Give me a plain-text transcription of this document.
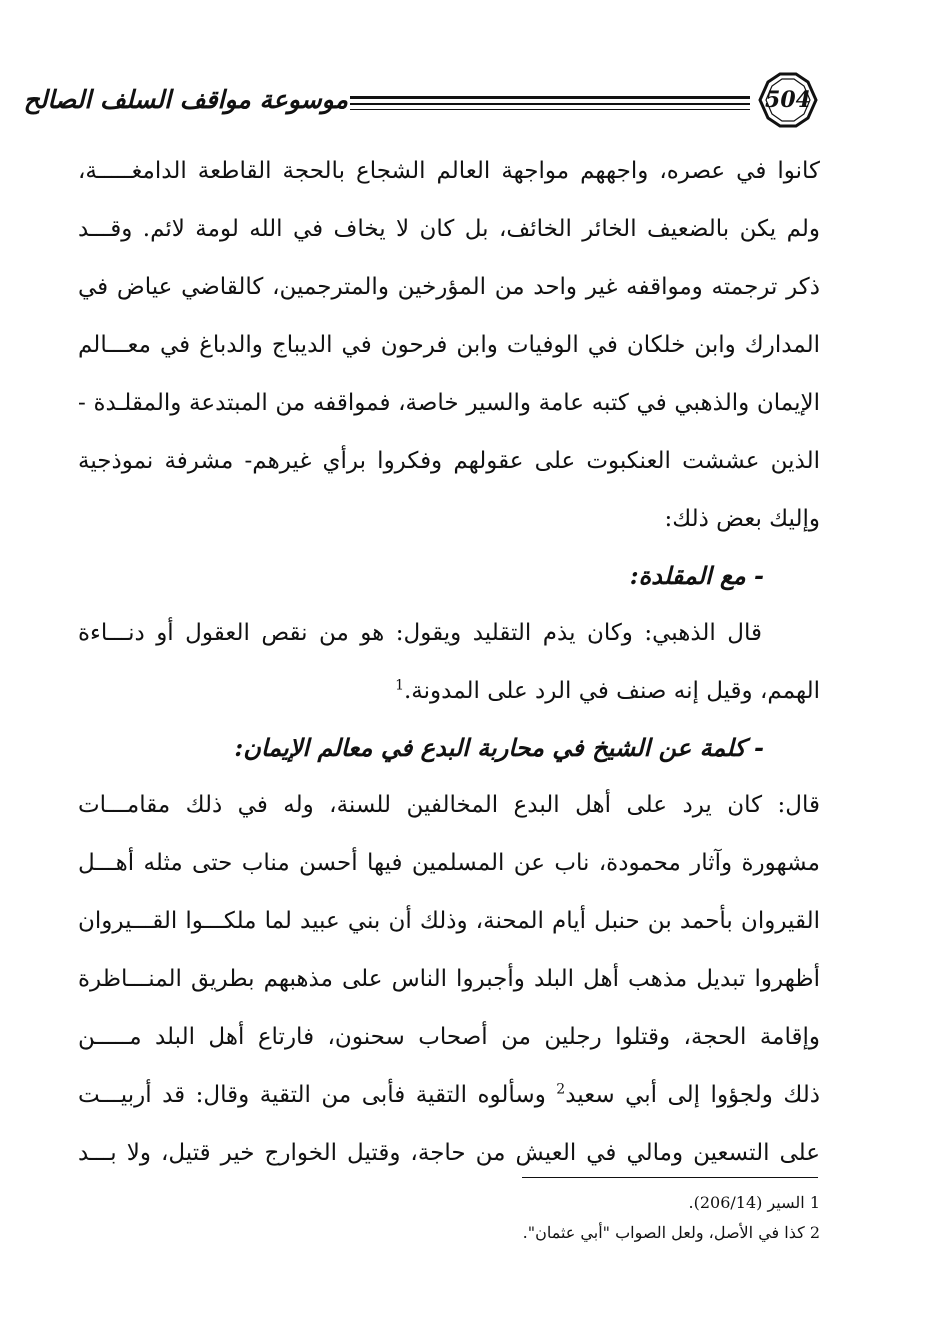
موسوعة مواقف السلف الصالح	504
كانوا في عصره، واجههم مواجهة العالم الشجاع بالحجة القاطعة الدامغـــــة،
ولم يكن بالضعيف الخائر الخائف، بل كان لا يخاف في الله لومة لائم. وقـــد
ذكر ترجمته ومواقفه غير واحد من المؤرخين والمترجمين، كالقاضي عياض في
المدارك وابن خلكان في الوفيات وابن فرحون في الديباج والدباغ في معـــالم
الإيمان والذهبي في كتبه عامة والسير خاصة، فمواقفه من المبتدعة والمقلـدة -
الذين عششت العنكبوت على عقولهم وفكروا برأي غيرهم- مشرفة نموذجية
وإليك بعض ذلك:
- مع المقلدة:
قال الذهبي: وكان يذم التقليد ويقول: هو من نقص العقول أو دنـــاءة
الهمم، وقيل إنه صنف في الرد على المدونة.$^1$
- كلمة عن الشيخ في محاربة البدع في معالم الإيمان:
قال: كان يرد على أهل البدع المخالفين للسنة، وله في ذلك مقامـــات
مشهورة وآثار محمودة، ناب عن المسلمين فيها أحسن مناب حتى مثله أهـــل
القيروان بأحمد بن حنبل أيام المحنة، وذلك أن بني عبيد لما ملكـــوا القـــيروان
أظهروا تبديل مذهب أهل البلد وأجبروا الناس على مذهبهم بطريق المنـــاظرة
وإقامة الحجة، وقتلوا رجلين من أصحاب سحنون، فارتاع أهل البلد مـــــن
ذلك ولجؤوا إلى أبي سعيد$^2$ وسألوه التقية فأبى من التقية وقال: قد أربيـــت
على التسعين ومالي في العيش من حاجة، وقتيل الخوارج خير قتيل، ولا بـــد
1 السير (206/14).
2 كذا في الأصل، ولعل الصواب "أبي عثمان".
